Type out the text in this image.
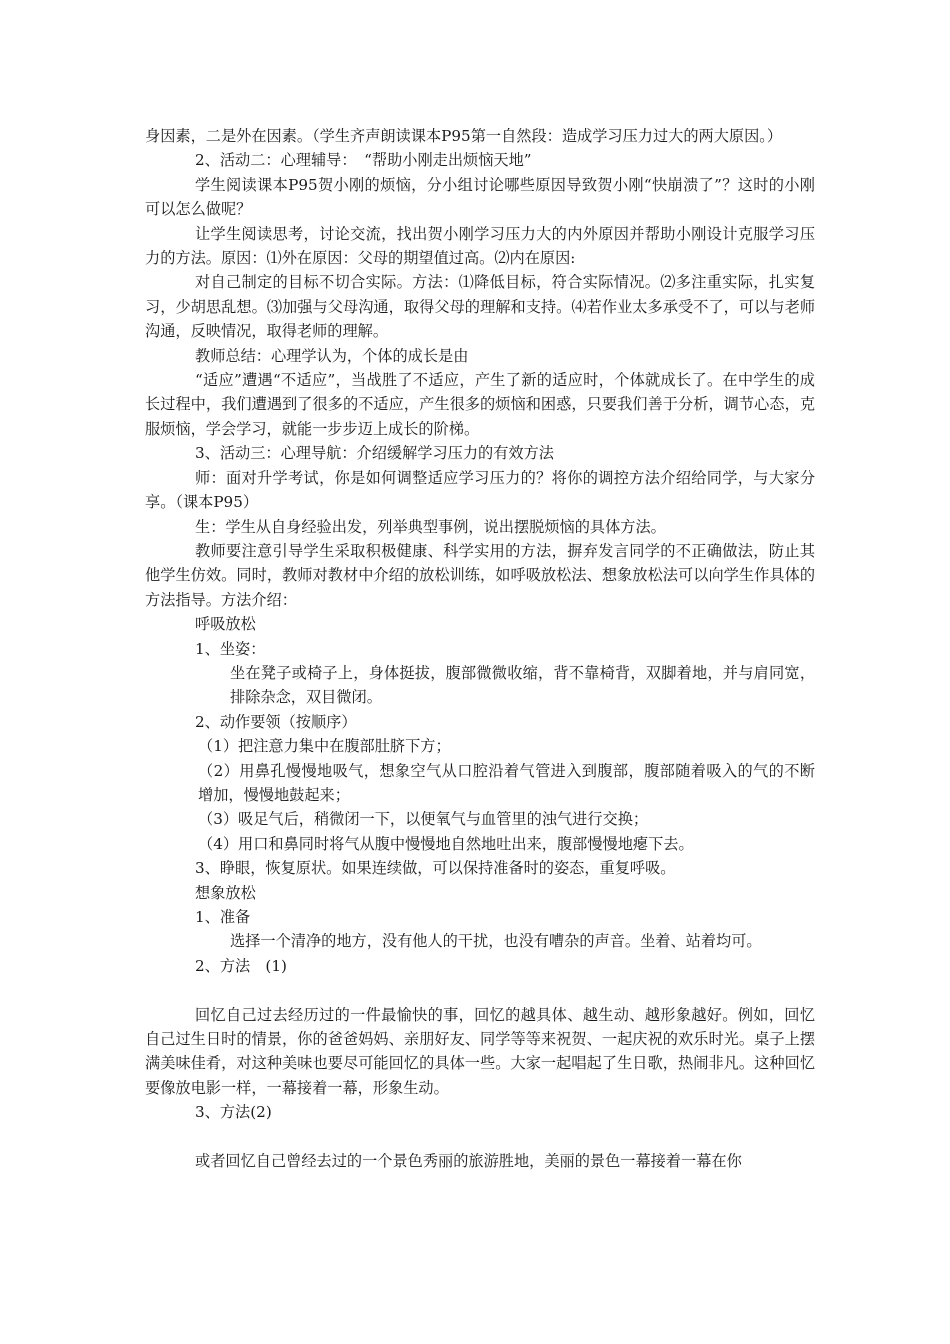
身因素，二是外在因素。（学生齐声朗读课本P95第一自然段：造成学习压力过大的两大原因。）
2、活动二：心理辅导：　“帮助小刚走出烦恼天地”
学生阅读课本P95贺小刚的烦恼，分小组讨论哪些原因导致贺小刚“快崩溃了”？这时的小刚可以怎么做呢？
让学生阅读思考，讨论交流，找出贺小刚学习压力大的内外原因并帮助小刚设计克服学习压力的方法。原因：⑴外在原因：父母的期望值过高。⑵内在原因:
对自己制定的目标不切合实际。方法：⑴降低目标，符合实际情况。⑵多注重实际，扎实复习，少胡思乱想。⑶加强与父母沟通，取得父母的理解和支持。⑷若作业太多承受不了，可以与老师沟通，反映情况，取得老师的理解。
教师总结：心理学认为，个体的成长是由
“适应”遭遇“不适应”，当战胜了不适应，产生了新的适应时，个体就成长了。在中学生的成长过程中，我们遭遇到了很多的不适应，产生很多的烦恼和困惑，只要我们善于分析，调节心态，克服烦恼，学会学习，就能一步步迈上成长的阶梯。
3、活动三：心理导航：介绍缓解学习压力的有效方法
师：面对升学考试，你是如何调整适应学习压力的？将你的调控方法介绍给同学，与大家分享。（课本P95）
生：学生从自身经验出发，列举典型事例，说出摆脱烦恼的具体方法。
教师要注意引导学生采取积极健康、科学实用的方法，摒弃发言同学的不正确做法，防止其他学生仿效。同时，教师对教材中介绍的放松训练，如呼吸放松法、想象放松法可以向学生作具体的方法指导。方法介绍：
呼吸放松
1、坐姿：
坐在凳子或椅子上，身体挺拔，腹部微微收缩，背不靠椅背，双脚着地，并与肩同宽，排除杂念，双目微闭。
2、动作要领（按顺序）
（1）把注意力集中在腹部肚脐下方；
（2）用鼻孔慢慢地吸气，想象空气从口腔沿着气管进入到腹部，腹部随着吸入的气的不断增加，慢慢地鼓起来；
（3）吸足气后，稍微闭一下，以便氧气与血管里的浊气进行交换；
（4）用口和鼻同时将气从腹中慢慢地自然地吐出来，腹部慢慢地瘪下去。
3、睁眼，恢复原状。如果连续做，可以保持准备时的姿态，重复呼吸。
想象放松
1、准备
选择一个清净的地方，没有他人的干扰，也没有嘈杂的声音。坐着、站着均可。
2、方法　(1)
回忆自己过去经历过的一件最愉快的事，回忆的越具体、越生动、越形象越好。例如，回忆自己过生日时的情景，你的爸爸妈妈、亲朋好友、同学等等来祝贺、一起庆祝的欢乐时光。桌子上摆满美味佳肴，对这种美味也要尽可能回忆的具体一些。大家一起唱起了生日歌，热闹非凡。这种回忆要像放电影一样，一幕接着一幕，形象生动。
3、方法(2)
或者回忆自己曾经去过的一个景色秀丽的旅游胜地，美丽的景色一幕接着一幕在你
